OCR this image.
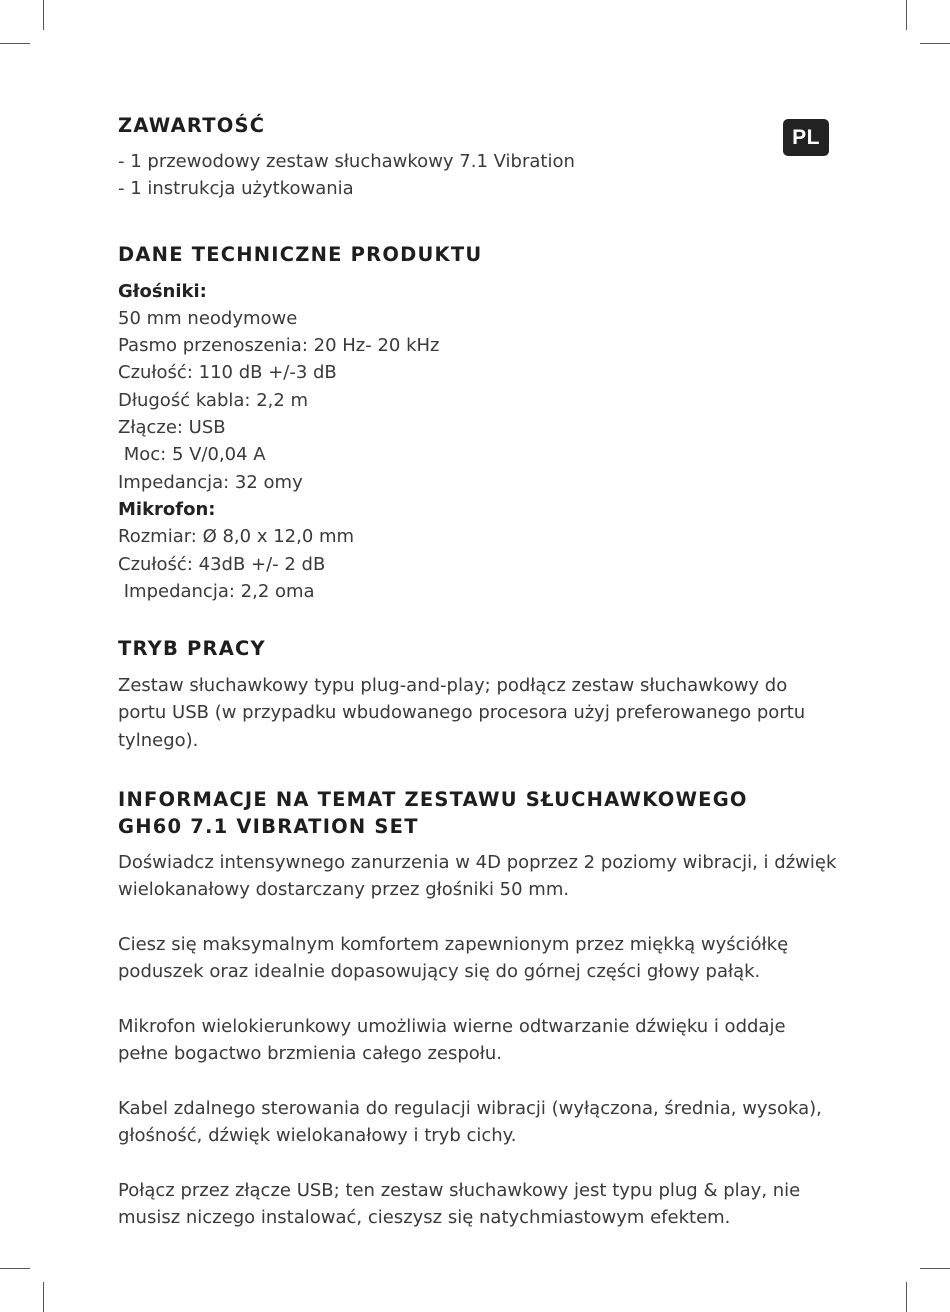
PL
ZAWARTOŚĆ
- 1 przewodowy zestaw słuchawkowy 7.1 Vibration
- 1 instrukcja użytkowania
DANE TECHNICZNE PRODUKTU
Głośniki:
50 mm neodymowe
Pasmo przenoszenia: 20 Hz- 20 kHz
Czułość: 110 dB +/-3 dB
Długość kabla: 2,2 m
Złącze: USB
Moc: 5 V/0,04 A
Impedancja: 32 omy
Mikrofon:
Rozmiar: Ø 8,0 x 12,0 mm
Czułość: 43dB +/- 2 dB
Impedancja: 2,2 oma
TRYB PRACY
Zestaw słuchawkowy typu plug-and-play; podłącz zestaw słuchawkowy do portu USB (w przypadku wbudowanego procesora użyj preferowanego portu tylnego).
INFORMACJE NA TEMAT ZESTAWU SŁUCHAWKOWEGO
GH60 7.1 VIBRATION SET
Doświadcz intensywnego zanurzenia w 4D poprzez 2 poziomy wibracji, i dźwięk wielokanałowy dostarczany przez głośniki 50 mm.
Ciesz się maksymalnym komfortem zapewnionym przez miękką wyściółkę poduszek oraz idealnie dopasowujący się do górnej części głowy pałąk.
Mikrofon wielokierunkowy umożliwia wierne odtwarzanie dźwięku i oddaje pełne bogactwo brzmienia całego zespołu.
Kabel zdalnego sterowania do regulacji wibracji (wyłączona, średnia, wysoka), głośność, dźwięk wielokanałowy i tryb cichy.
Połącz przez złącze USB; ten zestaw słuchawkowy jest typu plug & play, nie musisz niczego instalować, cieszysz się natychmiastowym efektem.
